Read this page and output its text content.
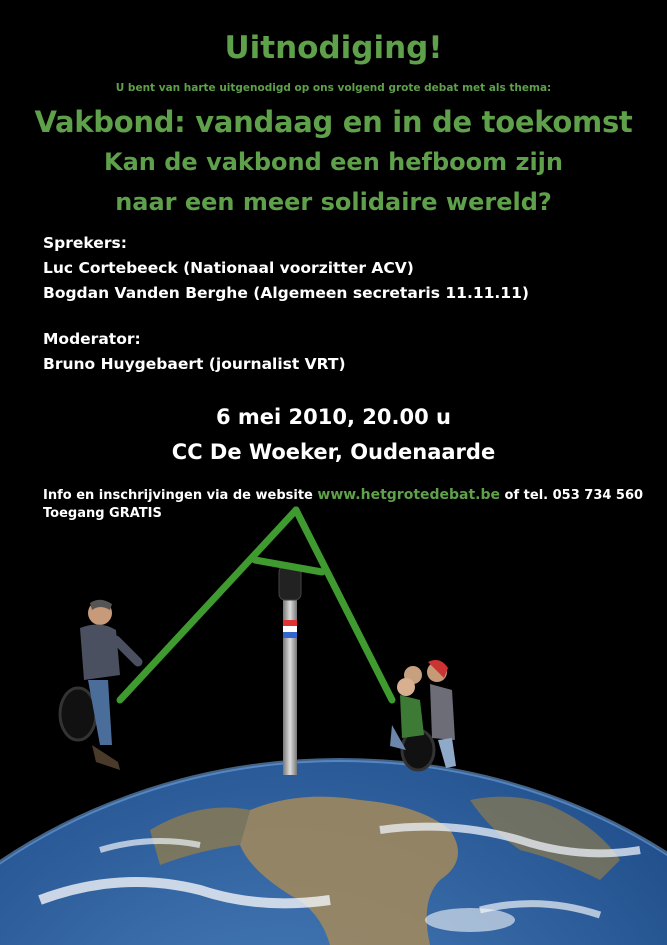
Uitnodiging!
U bent van harte uitgenodigd op ons volgend grote debat met als thema:
Vakbond: vandaag en in de toekomst
Kan de vakbond een hefboom zijn
naar een meer solidaire wereld?
Sprekers:
Luc Cortebeeck (Nationaal voorzitter ACV)
Bogdan Vanden Berghe (Algemeen secretaris 11.11.11)
Moderator:
Bruno Huygebaert (journalist VRT)
6 mei 2010, 20.00 u
CC De Woeker, Oudenaarde
Info en inschrijvingen via de website www.hetgrotedebat.be of tel. 053 734 560
Toegang GRATIS
